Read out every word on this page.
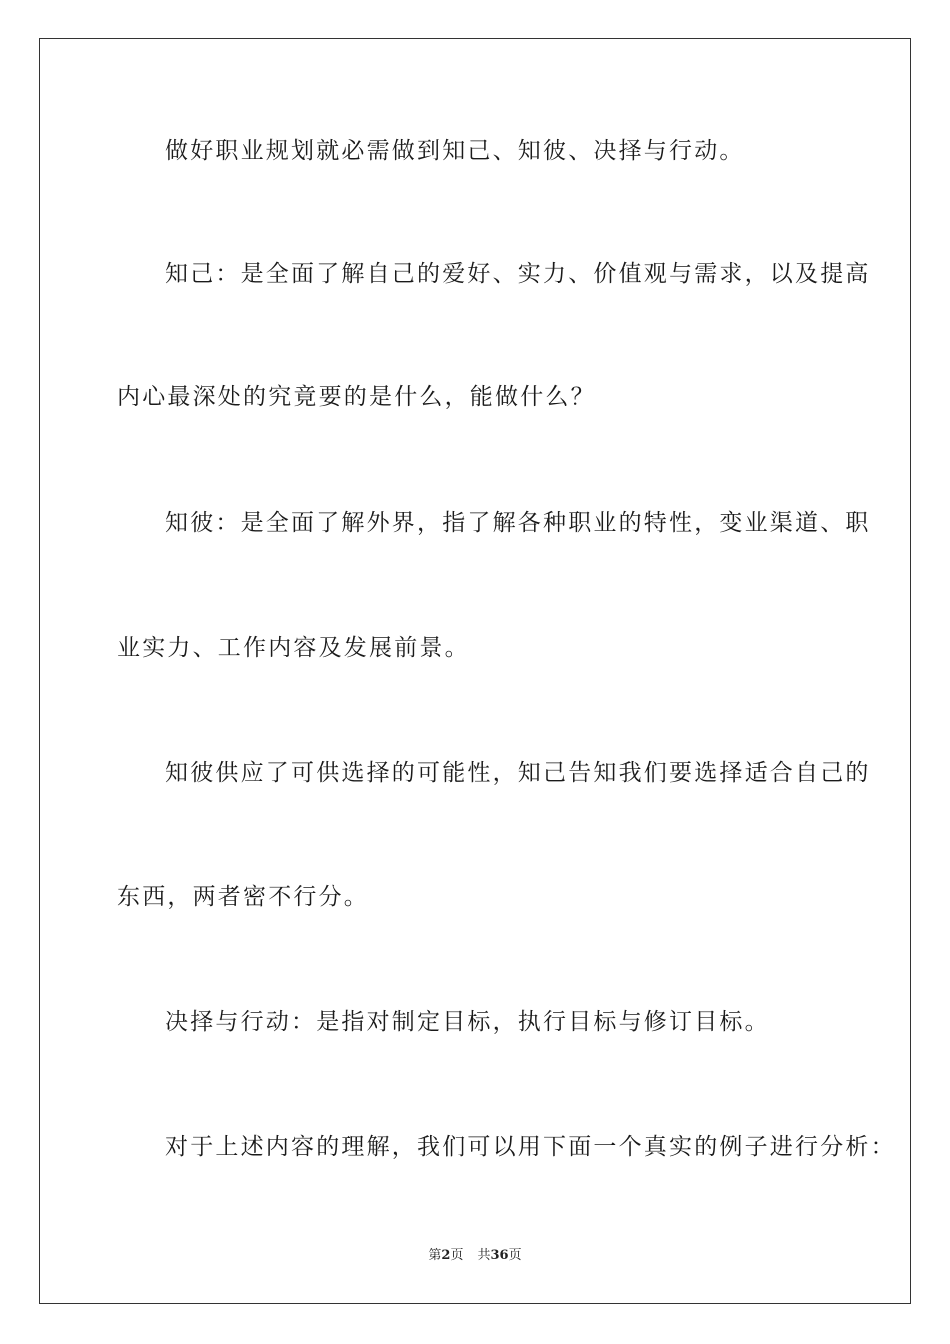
做好职业规划就必需做到知己、知彼、决择与行动。
知己：是全面了解自己的爱好、实力、价值观与需求，以及提高
内心最深处的究竟要的是什么，能做什么？
知彼：是全面了解外界，指了解各种职业的特性，变业渠道、职
业实力、工作内容及发展前景。
知彼供应了可供选择的可能性，知己告知我们要选择适合自己的
东西，两者密不行分。
决择与行动：是指对制定目标，执行目标与修订目标。
对于上述内容的理解，我们可以用下面一个真实的例子进行分析：
第2页 共36页
